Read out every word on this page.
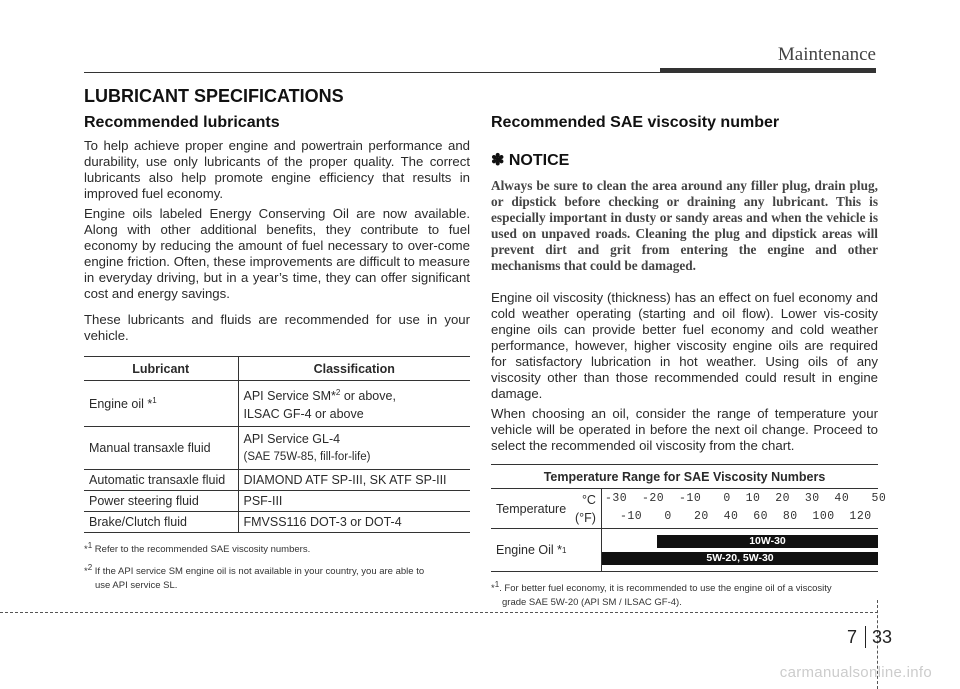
Maintenance
LUBRICANT SPECIFICATIONS
Recommended lubricants

To help achieve proper engine and powertrain performance and durability, use only lubricants of the proper quality. The correct lubricants also help promote engine efficiency that results in improved fuel economy.

Engine oils labeled Energy Conserving Oil are now available. Along with other additional benefits, they contribute to fuel economy by reducing the amount of fuel necessary to over-come engine friction. Often, these improvements are difficult to measure in everyday driving, but in a year’s time, they can offer significant cost and energy savings.

These lubricants and fluids are recommended for use in your vehicle.

Lubricant	Classification
Engine oil *$^1$	API Service SM*$^2$ or above,
ILSAC GF-4 or above

Manual transaxle fluid	API Service GL-4
(SAE 75W-85, fill-for-life)

Automatic transaxle fluid	DIAMOND ATF SP-III, SK ATF SP-III
Power steering fluid	PSF-III
Brake/Clutch fluid	FMVSS116 DOT-3 or DOT-4
*$^1$ Refer to the recommended SAE viscosity numbers.
*$^2$ If the API service SM engine oil is not available in your country, you are able to
use API service SL.
Recommended SAE viscosity number
✽ NOTICE

Always be sure to clean the area around any filler plug, drain plug, or dipstick before checking or draining any lubricant. This is especially important in dusty or sandy areas and when the vehicle is used on unpaved roads. Cleaning the plug and dipstick areas will prevent dirt and grit from entering the engine and other mechanisms that could be damaged.

Engine oil viscosity (thickness) has an effect on fuel economy and cold weather operating (starting and oil flow). Lower vis-cosity engine oils can provide better fuel economy and cold weather performance, however, higher viscosity engine oils are required for satisfactory lubrication in hot weather. Using oils of any viscosity other than those recommended could result in engine damage.

When choosing an oil, consider the range of temperature your vehicle will be operated in before the next oil change. Proceed to select the recommended oil viscosity from the chart.

Temperature Range for SAE Viscosity Numbers
Temperature
°C
(°F)
-30  -20  -10   0  10  20  30  40   50
-10   0   20  40  60  80  100  120
Engine Oil * 1
10W-30
5W-20, 5W-30
*$^1$. For better fuel economy, it is recommended to use the engine oil of a viscosity
grade SAE 5W-20 (API SM / ILSAC GF-4).
7 33
carmanualsonline.info
